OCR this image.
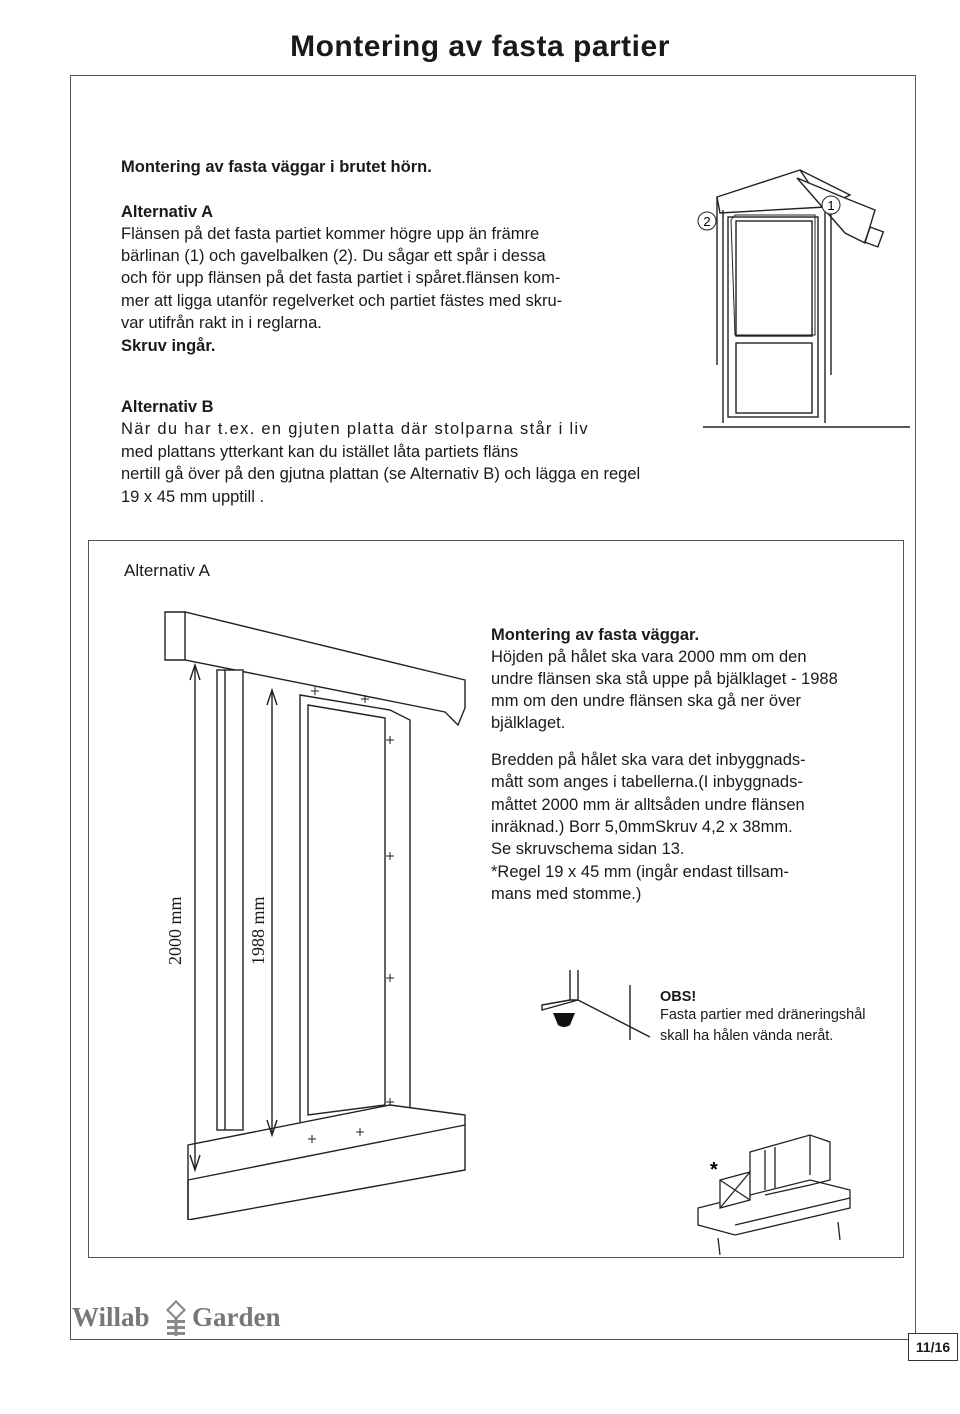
Montering av fasta partier
Montering av fasta väggar i brutet hörn.
Alternativ A
Flänsen på det fasta partiet kommer högre upp än främre
bärlinan (1) och gavelbalken (2). Du sågar ett spår i dessa
och för upp flänsen på det fasta partiet i spåret.flänsen kom-
mer att ligga utanför regelverket och partiet fästes med skru-
var utifrån rakt in i reglarna.
Skruv ingår.
Alternativ B
När du har t.ex. en gjuten platta där stolparna står i liv
med plattans ytterkant kan du istället låta partiets fläns
nertill gå över på den gjutna plattan (se Alternativ B) och lägga en regel
19 x 45 mm upptill .
2
1
Alternativ A
2000 mm	1988 mm
Montering av fasta väggar.
Höjden på hålet ska vara 2000 mm om den
undre flänsen ska stå uppe på bjälklaget - 1988
mm om den undre flänsen ska gå ner över
bjälklaget.
Bredden på hålet ska vara det inbyggnads-
mått som anges i tabellerna.(I inbyggnads-
måttet 2000 mm är alltsåden undre flänsen
inräknad.) Borr 5,0mmSkruv 4,2 x 38mm.
Se skruvschema sidan 13.
*Regel 19 x 45 mm (ingår endast tillsam-
mans med stomme.)
OBS!
Fasta partier med dräneringshål
skall ha hålen vända neråt.
*
Willab Garden
11/16
